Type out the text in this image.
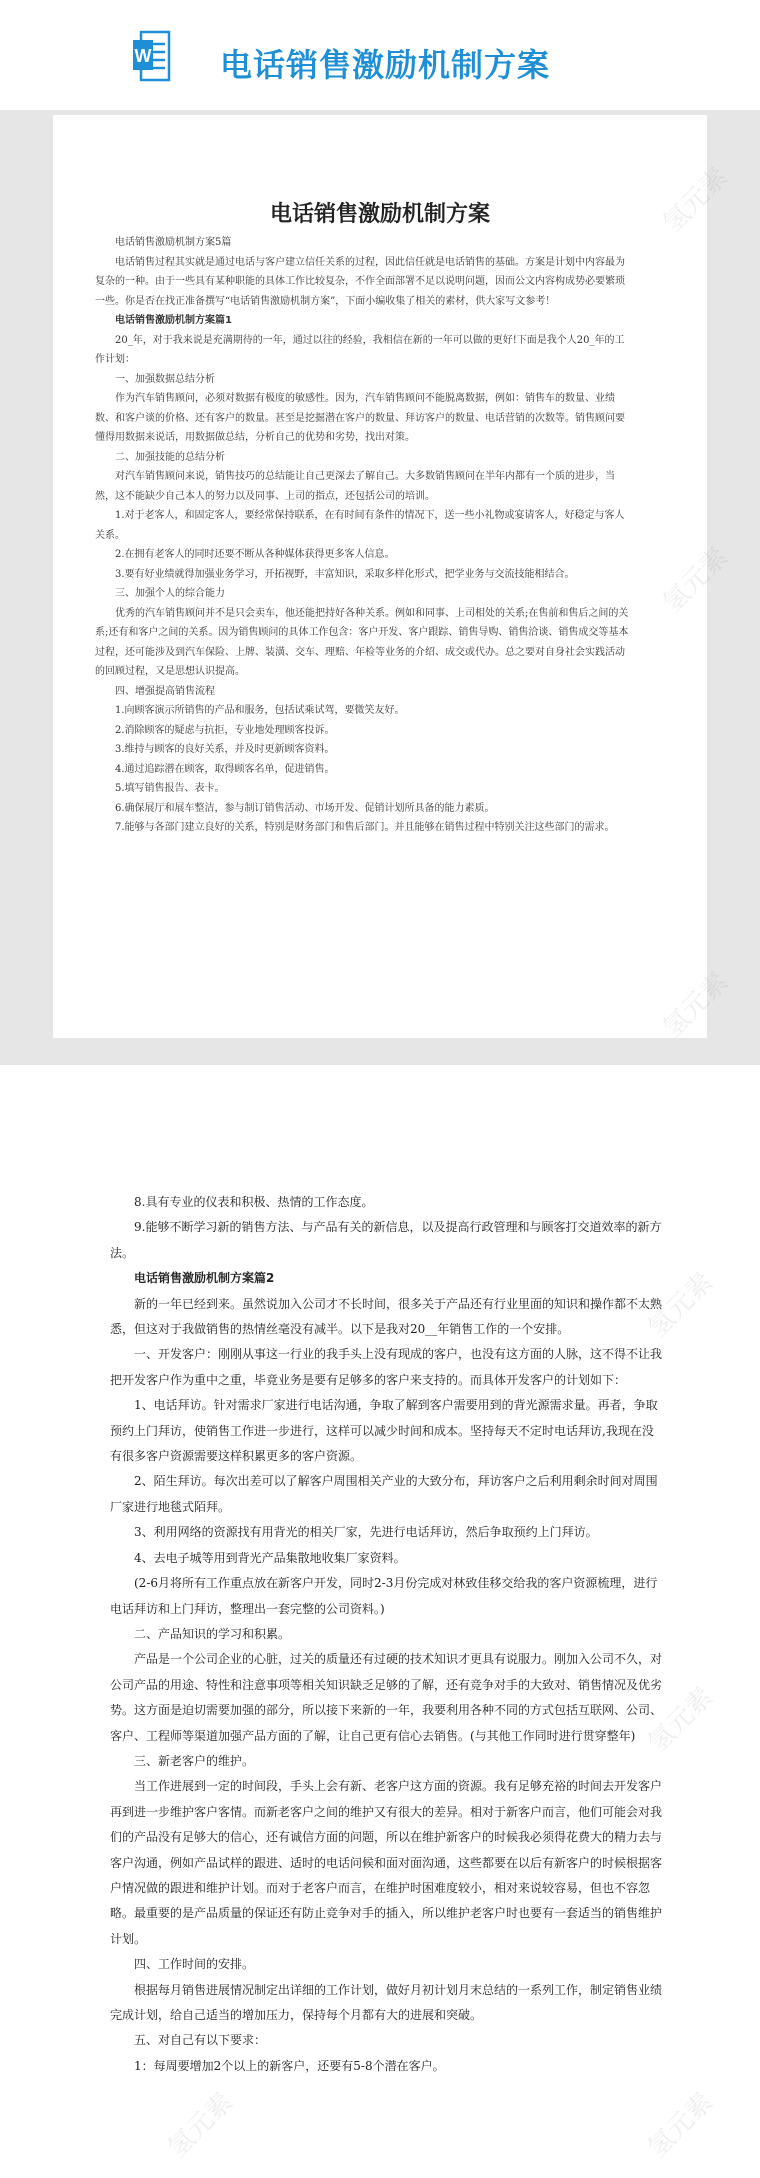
W 电话销售激励机制方案
电话销售激励机制方案
电话销售激励机制方案5篇
电话销售过程其实就是通过电话与客户建立信任关系的过程，因此信任就是电话销售的基础。方案是计划中内容最为复杂的一种。由于一些具有某种职能的具体工作比较复杂，不作全面部署不足以说明问题，因而公文内容构成势必要繁琐一些。你是否在找正准备撰写“电话销售激励机制方案”，下面小编收集了相关的素材，供大家写文参考！
电话销售激励机制方案篇1
20_年，对于我来说是充满期待的一年，通过以往的经验，我相信在新的一年可以做的更好!下面是我个人20_年的工作计划：
一、加强数据总结分析
作为汽车销售顾问，必须对数据有极度的敏感性。因为，汽车销售顾问不能脱离数据，例如：销售车的数量、业绩数、和客户谈的价格、还有客户的数量。甚至是挖掘潜在客户的数量、拜访客户的数量、电话营销的次数等。销售顾问要懂得用数据来说话，用数据做总结，分析自己的优势和劣势，找出对策。
二、加强技能的总结分析
对汽车销售顾问来说，销售技巧的总结能让自己更深去了解自己。大多数销售顾问在半年内都有一个质的进步，当然，这不能缺少自己本人的努力以及同事、上司的指点，还包括公司的培训。
1.对于老客人，和固定客人，要经常保持联系，在有时间有条件的情况下，送一些小礼物或宴请客人，好稳定与客人关系。
2.在拥有老客人的同时还要不断从各种媒体获得更多客人信息。
3.要有好业绩就得加强业务学习，开拓视野，丰富知识，采取多样化形式，把学业务与交流技能相结合。
三、加强个人的综合能力
优秀的汽车销售顾问并不是只会卖车，他还能把持好各种关系。例如和同事、上司相处的关系;在售前和售后之间的关系;还有和客户之间的关系。因为销售顾问的具体工作包含：客户开发、客户跟踪、销售导购、销售洽谈、销售成交等基本过程，还可能涉及到汽车保险、上牌、装潢、交车、理赔、年检等业务的介绍、成交或代办。总之要对自身社会实践活动的回顾过程，又是思想认识提高。
四、增强提高销售流程
1.向顾客演示所销售的产品和服务，包括试乘试驾，要微笑友好。
2.消除顾客的疑虑与抗拒，专业地处理顾客投诉。
3.维持与顾客的良好关系，并及时更新顾客资料。
4.通过追踪潜在顾客，取得顾客名单，促进销售。
5.填写销售报告、表卡。
6.确保展厅和展车整洁，参与制订销售活动、市场开发、促销计划所具备的能力素质。
7.能够与各部门建立良好的关系，特别是财务部门和售后部门。并且能够在销售过程中特别关注这些部门的需求。
8.具有专业的仪表和积极、热情的工作态度。
9.能够不断学习新的销售方法、与产品有关的新信息，以及提高行政管理和与顾客打交道效率的新方法。
电话销售激励机制方案篇2
新的一年已经到来。虽然说加入公司才不长时间，很多关于产品还有行业里面的知识和操作都不太熟悉，但这对于我做销售的热情丝毫没有减半。以下是我对20__年销售工作的一个安排。
一、开发客户：刚刚从事这一行业的我手头上没有现成的客户，也没有这方面的人脉，这不得不让我把开发客户作为重中之重，毕竟业务是要有足够多的客户来支持的。而具体开发客户的计划如下：
1、电话拜访。针对需求厂家进行电话沟通，争取了解到客户需要用到的背光源需求量。再者，争取预约上门拜访，使销售工作进一步进行，这样可以减少时间和成本。坚持每天不定时电话拜访,我现在没有很多客户资源需要这样积累更多的客户资源。
2、陌生拜访。每次出差可以了解客户周围相关产业的大致分布，拜访客户之后利用剩余时间对周围厂家进行地毯式陌拜。
3、利用网络的资源找有用背光的相关厂家，先进行电话拜访，然后争取预约上门拜访。
4、去电子城等用到背光产品集散地收集厂家资料。
(2-6月将所有工作重点放在新客户开发，同时2-3月份完成对林致佳移交给我的客户资源梳理，进行电话拜访和上门拜访，整理出一套完整的公司资料。)
二、产品知识的学习和积累。
产品是一个公司企业的心脏，过关的质量还有过硬的技术知识才更具有说服力。刚加入公司不久，对公司产品的用途、特性和注意事项等相关知识缺乏足够的了解，还有竞争对手的大致对、销售情况及优劣势。这方面是迫切需要加强的部分，所以接下来新的一年，我要利用各种不同的方式包括互联网、公司、客户、工程师等渠道加强产品方面的了解，让自己更有信心去销售。(与其他工作同时进行贯穿整年)
三、新老客户的维护。
当工作进展到一定的时间段，手头上会有新、老客户这方面的资源。我有足够充裕的时间去开发客户再到进一步维护客户客情。而新老客户之间的维护又有很大的差异。相对于新客户而言，他们可能会对我们的产品没有足够大的信心，还有诚信方面的问题，所以在维护新客户的时候我必须得花费大的精力去与客户沟通，例如产品试样的跟进、适时的电话问候和面对面沟通，这些都要在以后有新客户的时候根据客户情况做的跟进和维护计划。而对于老客户而言，在维护时困难度较小，相对来说较容易，但也不容忽略。最重要的是产品质量的保证还有防止竞争对手的插入，所以维护老客户时也要有一套适当的销售维护计划。
四、工作时间的安排。
根据每月销售进展情况制定出详细的工作计划，做好月初计划月末总结的一系列工作，制定销售业绩完成计划，给自己适当的增加压力，保持每个月都有大的进展和突破。
五、对自己有以下要求：
1：每周要增加2个以上的新客户，还要有5-8个潜在客户。
